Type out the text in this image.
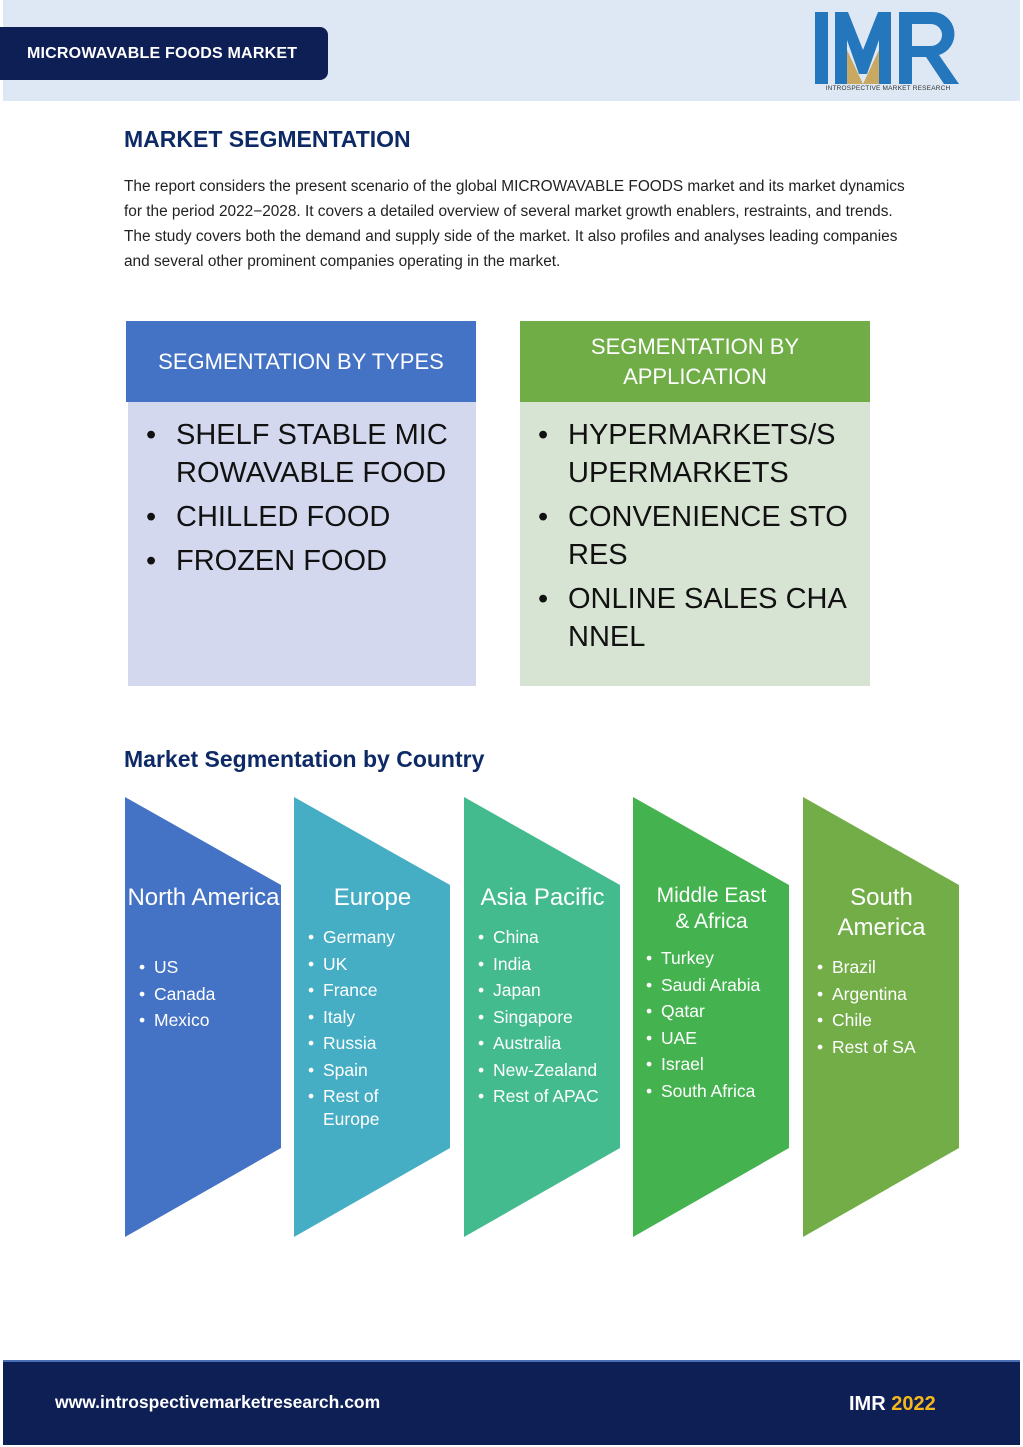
MICROWAVABLE FOODS MARKET
INTROSPECTIVE MARKET RESEARCH
MARKET SEGMENTATION

The report considers the present scenario of the global MICROWAVABLE FOODS market and its market dynamics for the period 2022−2028. It covers a detailed overview of several market growth enablers, restraints, and trends. The study covers both the demand and supply side of the market. It also profiles and analyses leading companies and several other prominent companies operating in the market.

SEGMENTATION BY TYPES
• SHELF STABLE MICROWAVABLE FOOD
• CHILLED FOOD
• FROZEN FOOD
SEGMENTATION BY APPLICATION
• HYPERMARKETS/SUPERMARKETS
• CONVENIENCE STORES
• ONLINE SALES CHANNEL
Market Segmentation by Country
North America
• US
• Canada
• Mexico
Europe
• Germany
• UK
• France
• Italy
• Russia
• Spain
• Rest of Europe
Asia Pacific
• China
• India
• Japan
• Singapore
• Australia
• New-Zealand
• Rest of APAC
Middle East & Africa
• Turkey
• Saudi Arabia
• Qatar
• UAE
• Israel
• South Africa
South America
• Brazil
• Argentina
• Chile
• Rest of SA
www.introspectivemarketresearch.com	IMR 2022
